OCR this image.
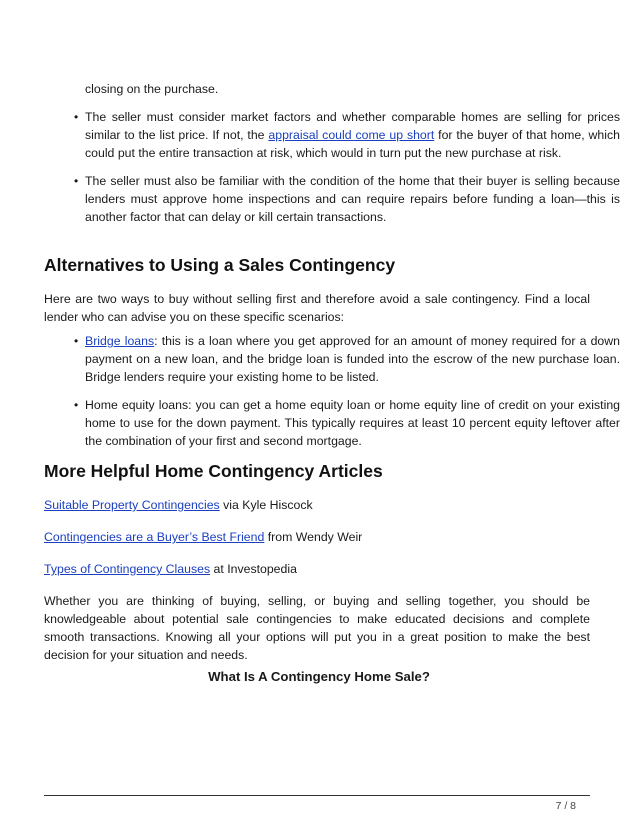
closing on the purchase.

• The seller must consider market factors and whether comparable homes are selling for prices similar to the list price. If not, the appraisal could come up short for the buyer of that home, which could put the entire transaction at risk, which would in turn put the new purchase at risk.
• The seller must also be familiar with the condition of the home that their buyer is selling because lenders must approve home inspections and can require repairs before funding a loan—this is another factor that can delay or kill certain transactions.
Alternatives to Using a Sales Contingency

Here are two ways to buy without selling first and therefore avoid a sale contingency. Find a local lender who can advise you on these specific scenarios:

• Bridge loans: this is a loan where you get approved for an amount of money required for a down payment on a new loan, and the bridge loan is funded into the escrow of the new purchase loan. Bridge lenders require your existing home to be listed.
• Home equity loans: you can get a home equity loan or home equity line of credit on your existing home to use for the down payment. This typically requires at least 10 percent equity leftover after the combination of your first and second mortgage.
More Helpful Home Contingency Articles

Suitable Property Contingencies via Kyle Hiscock

Contingencies are a Buyer’s Best Friend from Wendy Weir

Types of Contingency Clauses at Investopedia

Whether you are thinking of buying, selling, or buying and selling together, you should be knowledgeable about potential sale contingencies to make educated decisions and complete smooth transactions. Knowing all your options will put you in a great position to make the best decision for your situation and needs.

What Is A Contingency Home Sale?
7 / 8
